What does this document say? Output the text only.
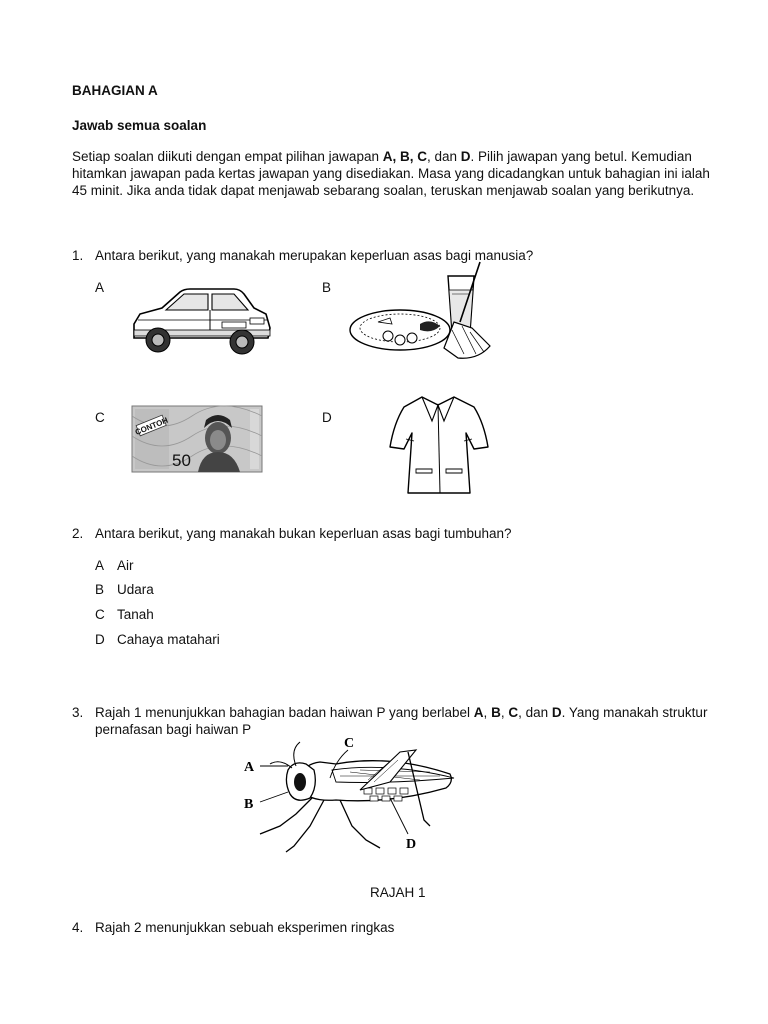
BAHAGIAN A
Jawab semua soalan
Setiap soalan diikuti dengan empat pilihan jawapan A, B, C, dan D. Pilih jawapan yang betul. Kemudian hitamkan jawapan pada kertas jawapan yang disediakan. Masa yang dicadangkan untuk bahagian ini ialah 45 minit. Jika anda tidak dapat menjawab sebarang soalan, teruskan menjawab soalan yang berikutnya.
1. Antara berikut, yang manakah merupakan keperluan asas bagi manusia?
A	B
C	CONTOH
50
D
2. Antara berikut, yang manakah bukan keperluan asas bagi tumbuhan?
A Air
B Udara
C Tanah
D Cahaya matahari
3. Rajah 1 menunjukkan bahagian badan haiwan P yang berlabel A, B, C, dan D. Yang manakah struktur pernafasan bagi haiwan P
A
B
C
D
RAJAH 1
4. Rajah 2 menunjukkan sebuah eksperimen ringkas
